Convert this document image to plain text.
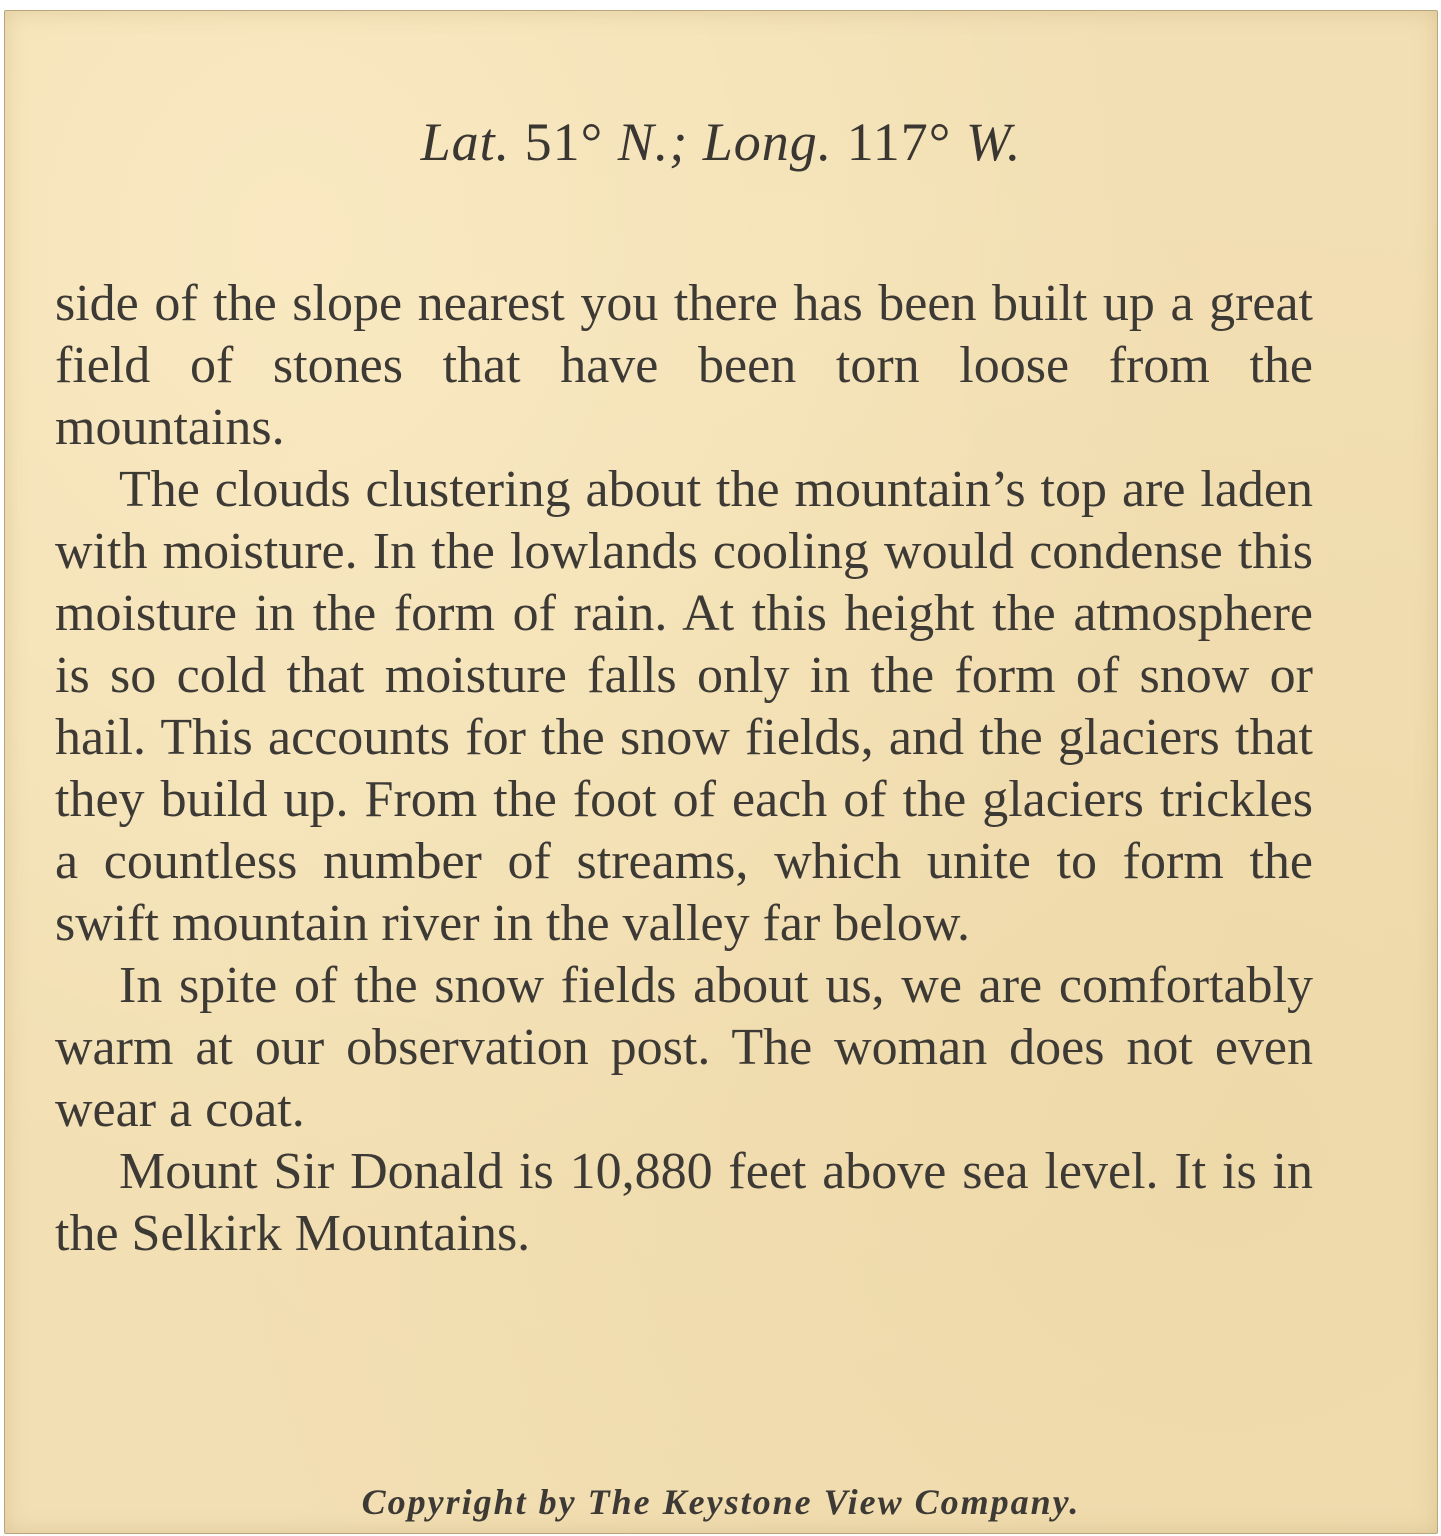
Lat. 51° N.; Long. 117° W.

side of the slope nearest you there has been built up a great field of stones that have been torn loose from the mountains.

The clouds clustering about the mountain’s top are laden with moisture. In the lowlands cooling would condense this moisture in the form of rain. At this height the atmosphere is so cold that moisture falls only in the form of snow or hail. This accounts for the snow fields, and the glaciers that they build up. From the foot of each of the glaciers trickles a countless number of streams, which unite to form the swift mountain river in the valley far below.

In spite of the snow fields about us, we are comfortably warm at our observation post. The woman does not even wear a coat.

Mount Sir Donald is 10,880 feet above sea level. It is in the Selkirk Mountains.

Copyright by The Keystone View Company.
